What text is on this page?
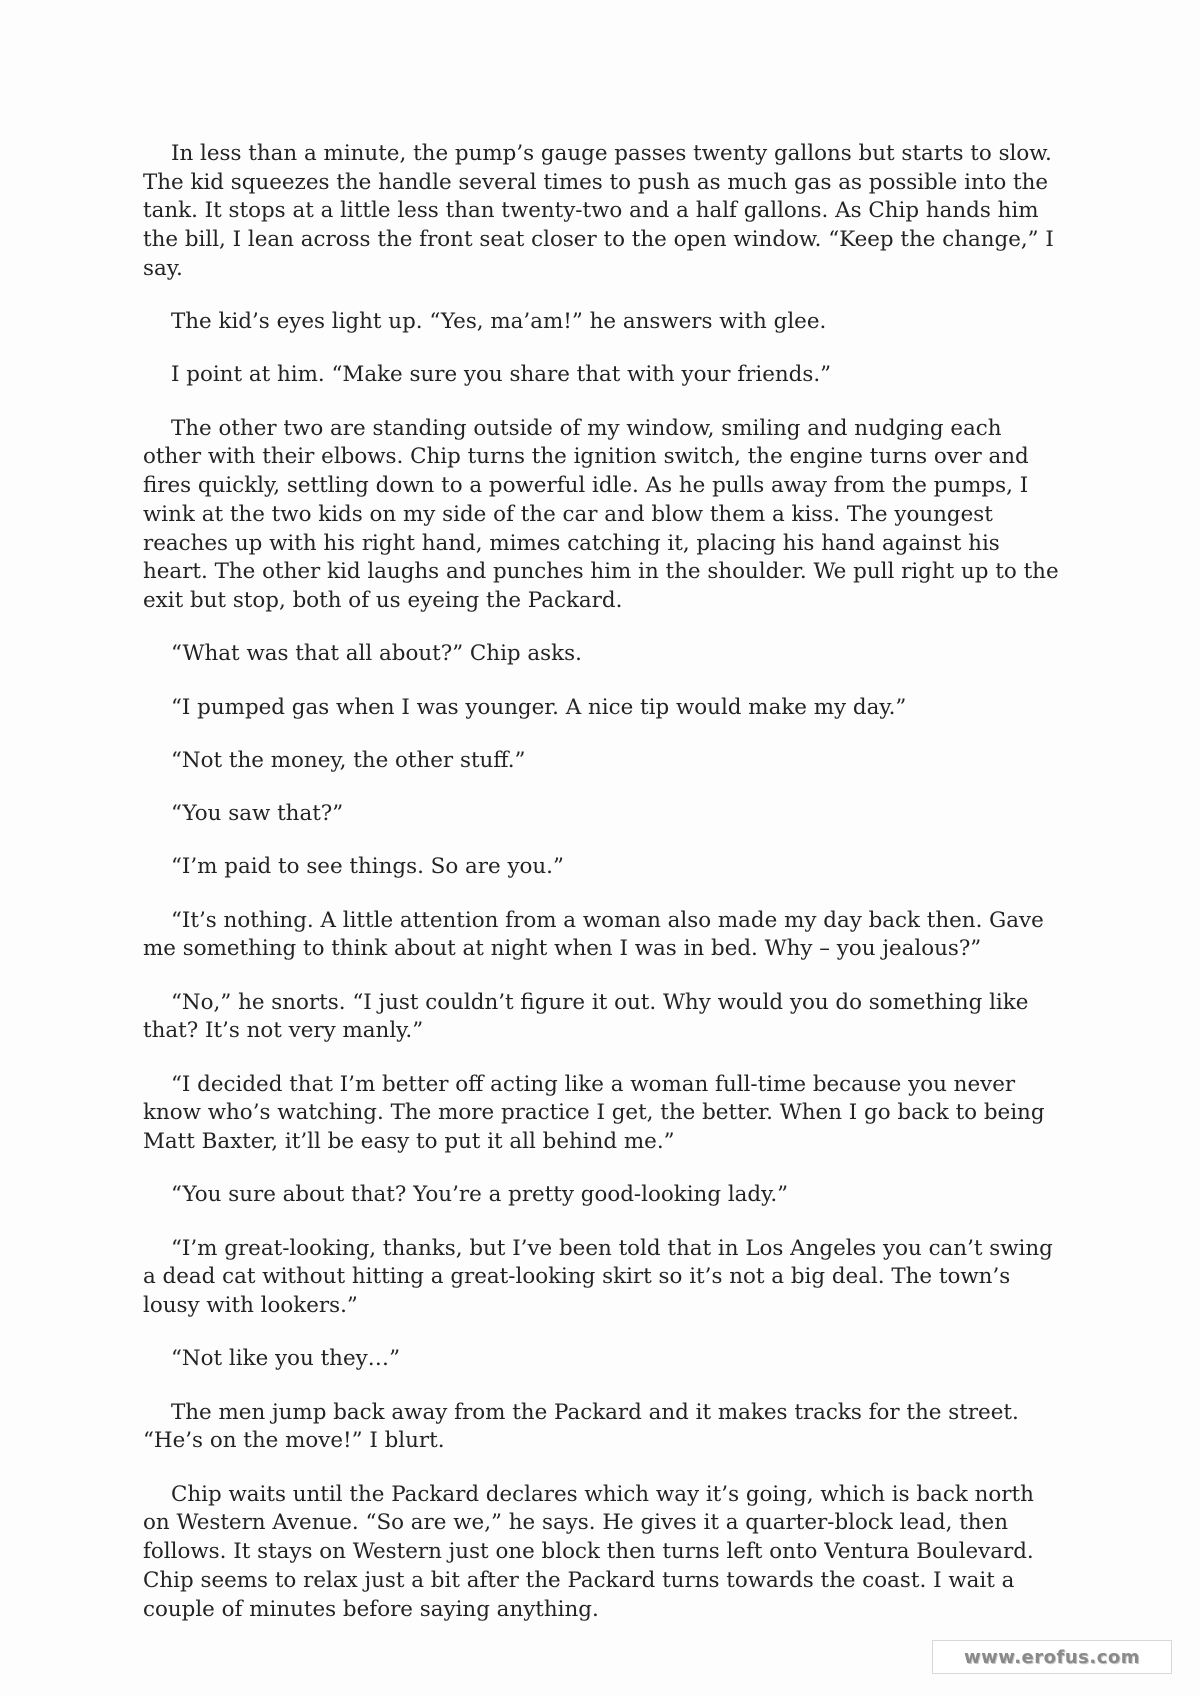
In less than a minute, the pump’s gauge passes twenty gallons but starts to slow. The kid squeezes the handle several times to push as much gas as possible into the tank. It stops at a little less than twenty-two and a half gallons. As Chip hands him the bill, I lean across the front seat closer to the open window. “Keep the change,” I say.

The kid’s eyes light up. “Yes, ma’am!” he answers with glee.

I point at him. “Make sure you share that with your friends.”

The other two are standing outside of my window, smiling and nudging each other with their elbows. Chip turns the ignition switch, the engine turns over and fires quickly, settling down to a powerful idle. As he pulls away from the pumps, I wink at the two kids on my side of the car and blow them a kiss. The youngest reaches up with his right hand, mimes catching it, placing his hand against his heart. The other kid laughs and punches him in the shoulder. We pull right up to the exit but stop, both of us eyeing the Packard.

“What was that all about?” Chip asks.

“I pumped gas when I was younger. A nice tip would make my day.”

“Not the money, the other stuff.”

“You saw that?”

“I’m paid to see things. So are you.”

“It’s nothing. A little attention from a woman also made my day back then. Gave me something to think about at night when I was in bed. Why – you jealous?”

“No,” he snorts. “I just couldn’t figure it out. Why would you do something like that? It’s not very manly.”

“I decided that I’m better off acting like a woman full-time because you never know who’s watching. The more practice I get, the better. When I go back to being Matt Baxter, it’ll be easy to put it all behind me.”

“You sure about that? You’re a pretty good-looking lady.”

“I’m great-looking, thanks, but I’ve been told that in Los Angeles you can’t swing a dead cat without hitting a great-looking skirt so it’s not a big deal. The town’s lousy with lookers.”

“Not like you they…”

The men jump back away from the Packard and it makes tracks for the street. “He’s on the move!” I blurt.

Chip waits until the Packard declares which way it’s going, which is back north on Western Avenue. “So are we,” he says. He gives it a quarter-block lead, then follows. It stays on Western just one block then turns left onto Ventura Boulevard. Chip seems to relax just a bit after the Packard turns towards the coast. I wait a couple of minutes before saying anything.

www.erofus.com
